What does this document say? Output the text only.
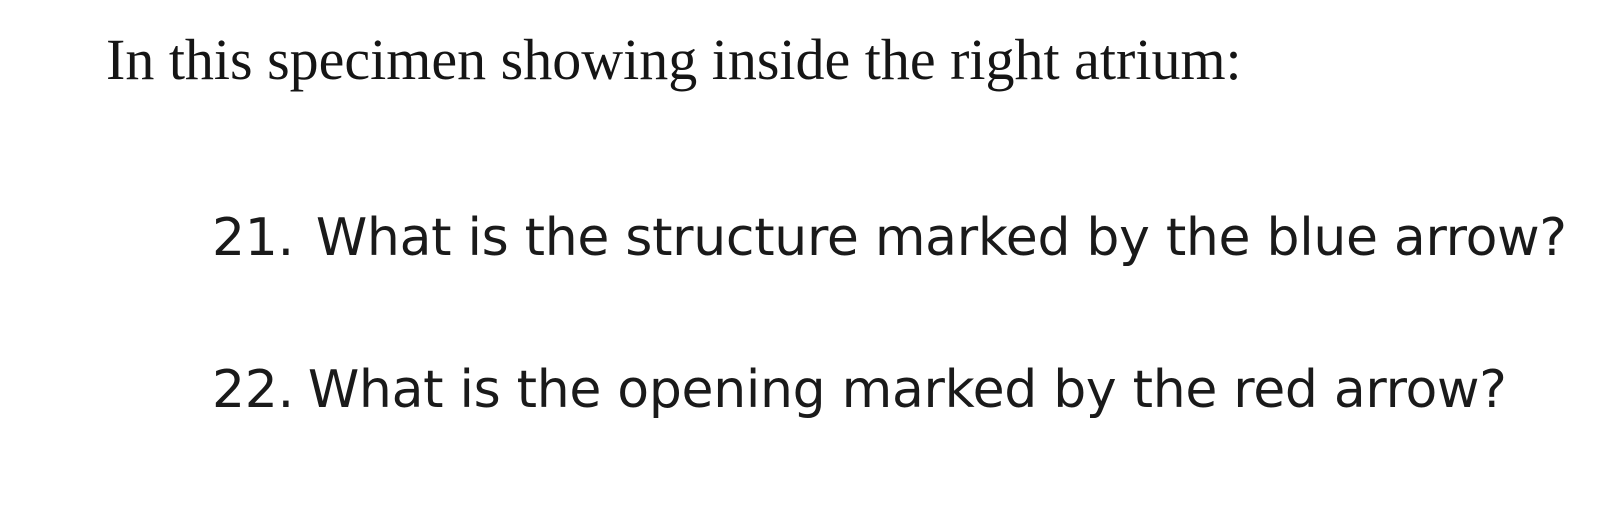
In this specimen showing inside the right atrium:
21. What is the structure marked by the blue arrow?
22. What is the opening marked by the red arrow?
